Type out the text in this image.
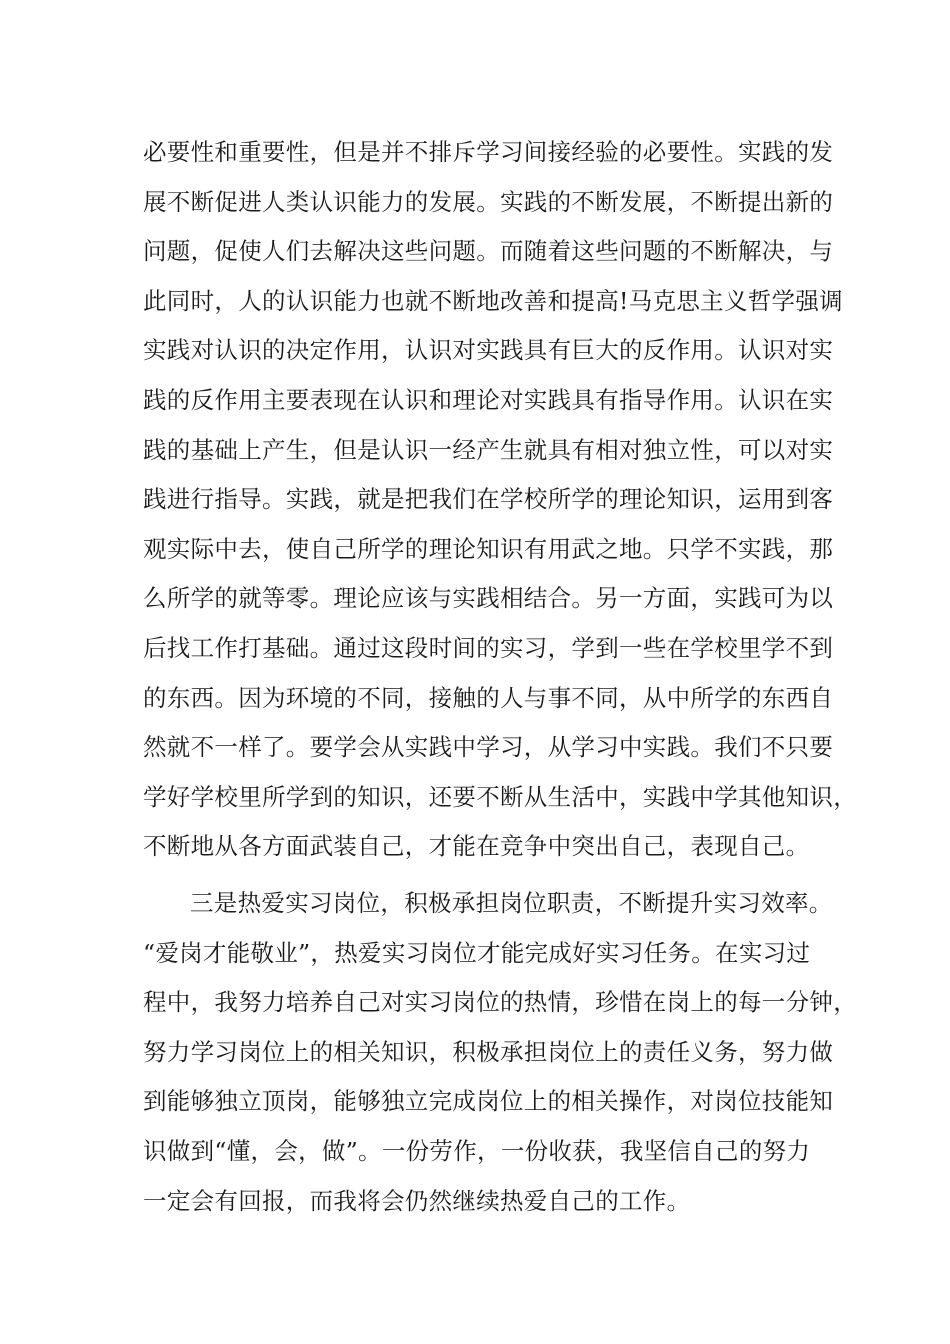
必要性和重要性，但是并不排斥学习间接经验的必要性。实践的发
展不断促进人类认识能力的发展。实践的不断发展，不断提出新的
问题，促使人们去解决这些问题。而随着这些问题的不断解决，与
此同时，人的认识能力也就不断地改善和提高!马克思主义哲学强调
实践对认识的决定作用，认识对实践具有巨大的反作用。认识对实
践的反作用主要表现在认识和理论对实践具有指导作用。认识在实
践的基础上产生，但是认识一经产生就具有相对独立性，可以对实
践进行指导。实践，就是把我们在学校所学的理论知识，运用到客
观实际中去，使自己所学的理论知识有用武之地。只学不实践，那
么所学的就等零。理论应该与实践相结合。另一方面，实践可为以
后找工作打基础。通过这段时间的实习，学到一些在学校里学不到
的东西。因为环境的不同，接触的人与事不同，从中所学的东西自
然就不一样了。要学会从实践中学习，从学习中实践。我们不只要
学好学校里所学到的知识，还要不断从生活中，实践中学其他知识，
不断地从各方面武装自己，才能在竞争中突出自己，表现自己。
三是热爱实习岗位，积极承担岗位职责，不断提升实习效率。
“爱岗才能敬业”，热爱实习岗位才能完成好实习任务。在实习过
程中，我努力培养自己对实习岗位的热情，珍惜在岗上的每一分钟，
努力学习岗位上的相关知识，积极承担岗位上的责任义务，努力做
到能够独立顶岗，能够独立完成岗位上的相关操作，对岗位技能知
识做到“懂，会，做”。一份劳作，一份收获，我坚信自己的努力
一定会有回报，而我将会仍然继续热爱自己的工作。
